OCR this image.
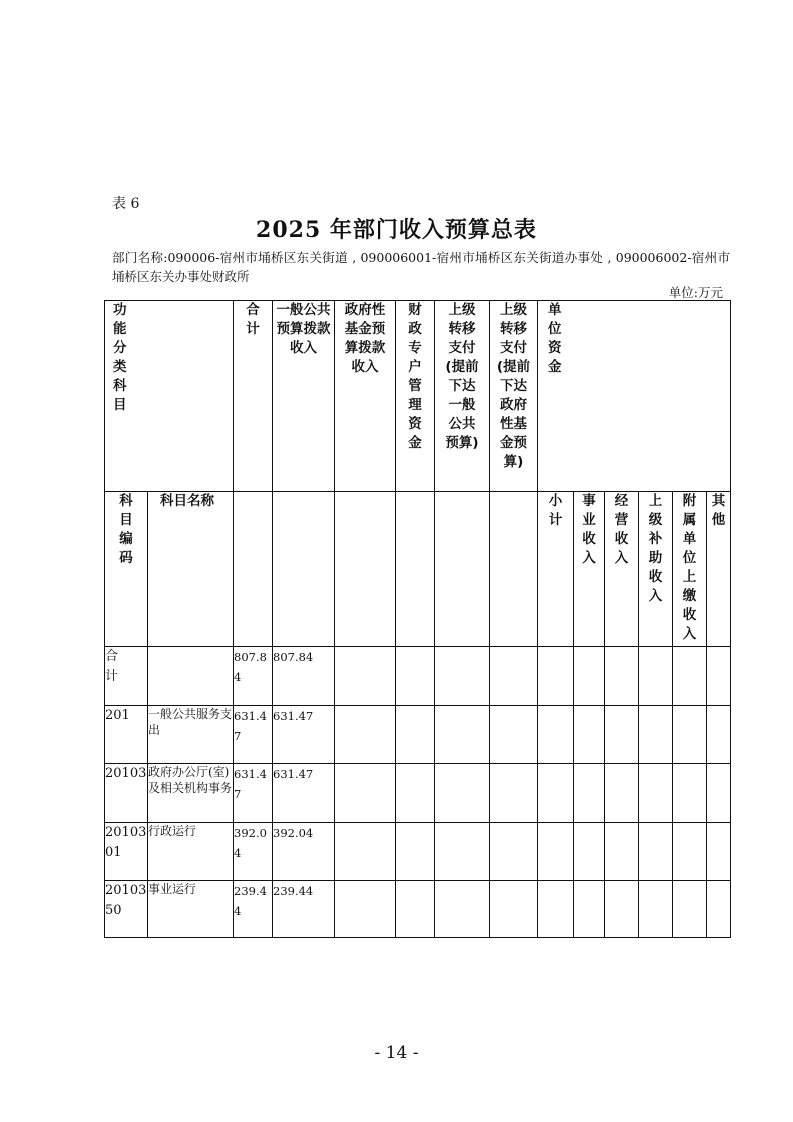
表 6
2025 年部门收入预算总表
部门名称:090006-宿州市埇桥区东关街道 , 090006001-宿州市埇桥区东关街道办事处 , 090006002-宿州市埇桥区东关办事处财政所
单位:万元
功能分类科目		合计	一般公共预算拨款收入	政府性基金预算拨款收入	财政专户管理资金	上级转移支付(提前下达一般公共预算)	上级转移支付(提前下达政府性基金预算)	单位资金					

科目编码	科目名称							小计	事业收入	经营收入	上级补助收入	附属单位上缴收入	其他

合计		807.84	807.84										
201	一般公共服务支出	631.47	631.47										
20103	政府办公厅(室)及相关机构事务	631.47	631.47										
2010301	行政运行	392.04	392.04										
2010350	事业运行	239.44	239.44										
- 14 -
